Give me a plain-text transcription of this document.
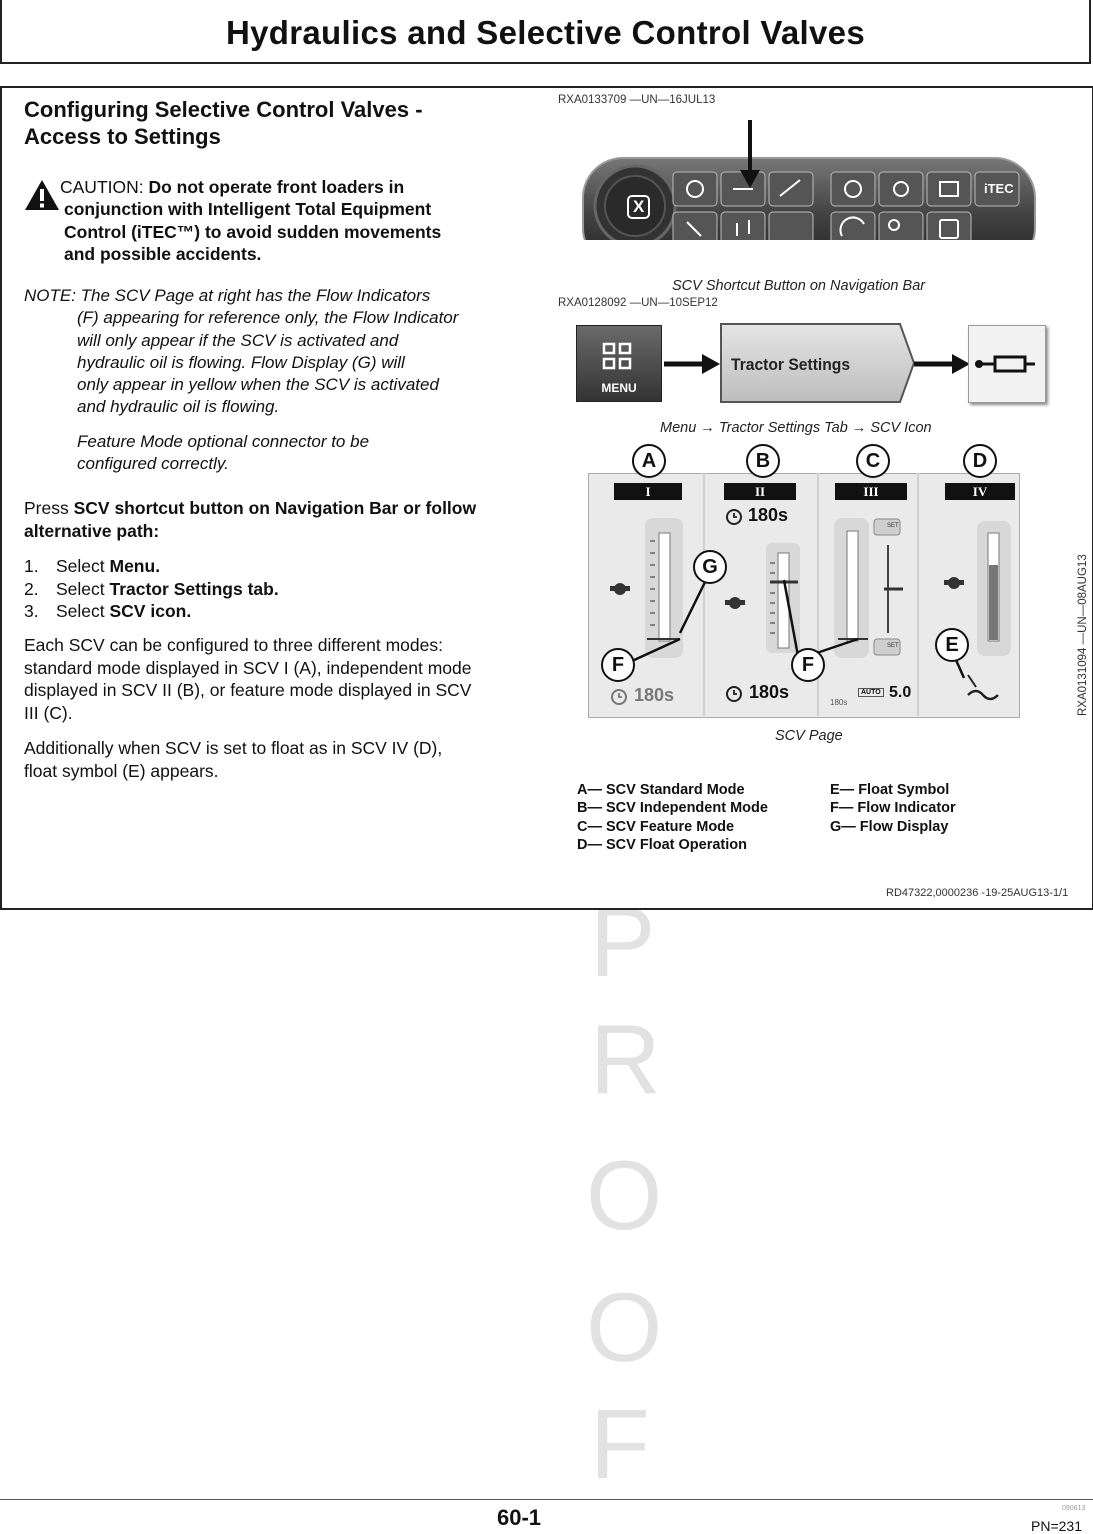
P
R
O
O
F
Hydraulics and Selective Control Valves
Configuring Selective Control Valves -
Access to Settings
CAUTION: Do not operate front loaders in
conjunction with Intelligent Total Equipment
Control (iTEC™) to avoid sudden movements
and possible accidents.
NOTE: The SCV Page at right has the Flow Indicators
(F) appearing for reference only, the Flow Indicator
will only appear if the SCV is activated and
hydraulic oil is flowing. Flow Display (G) will
only appear in yellow when the SCV is activated
and hydraulic oil is flowing.
Feature Mode optional connector to be
configured correctly.
Press SCV shortcut button on Navigation Bar or follow
alternative path:
1. Select Menu.
2. Select Tractor Settings tab.
3. Select SCV icon.
Each SCV can be configured to three different modes:
standard mode displayed in SCV I (A), independent mode
displayed in SCV II (B), or feature mode displayed in SCV
III (C).
Additionally when SCV is set to float as in SCV IV (D),
float symbol (E) appears.
RXA0133709 —UN—16JUL13
X
iTEC
SCV Shortcut Button on Navigation Bar
RXA0128092 —UN—10SEP12
MENU
Tractor Settings
Menu → Tractor Settings Tab → SCV Icon
I	II	III	IV
180s
180s	180s
180s
AUTO 5.0
SET
SET
A	B	C	D
G
F	F
E	RXA0131094 —UN—08AUG13
SCV Page
A— SCV Standard Mode
B— SCV Independent Mode
C— SCV Feature Mode
D— SCV Float Operation
E— Float Symbol
F— Flow Indicator
G— Flow Display
RD47322,0000236 -19-25AUG13-1/1
60-1	090613
PN=231
